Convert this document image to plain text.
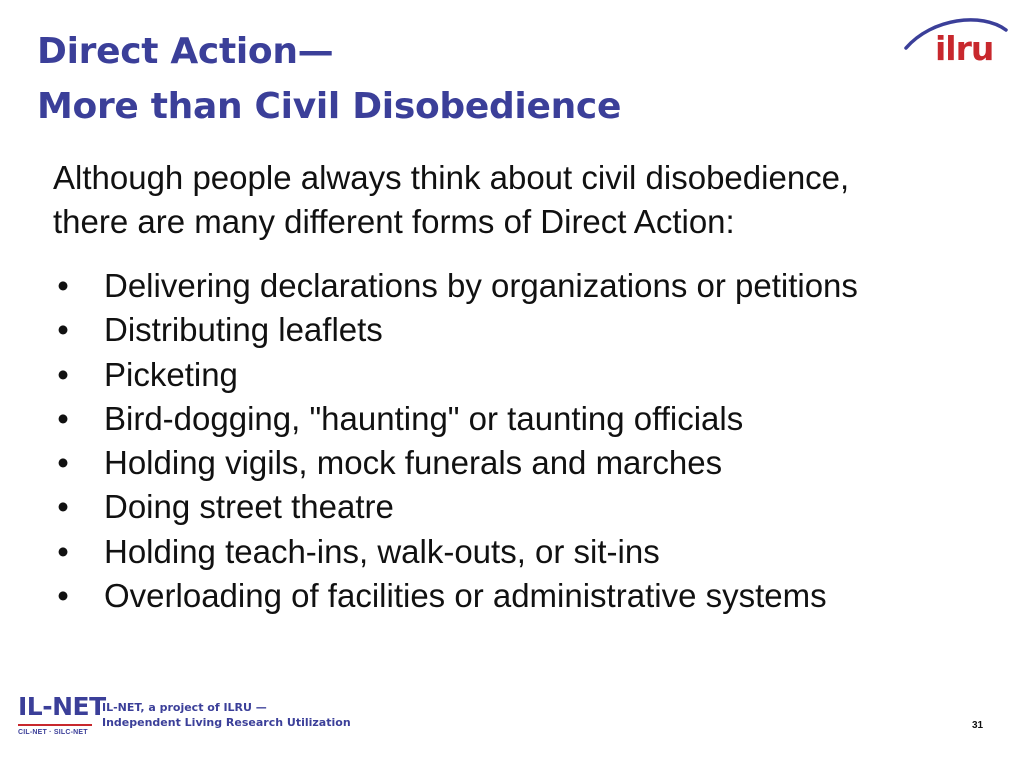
Direct Action—
More than Civil Disobedience
ilru
Although people always think about civil disobedience,
there are many different forms of Direct Action:
• Delivering declarations by organizations or petitions
• Distributing leaflets
• Picketing
• Bird-dogging, "haunting" or taunting officials
• Holding vigils, mock funerals and marches
• Doing street theatre
• Holding teach-ins, walk-outs, or sit-ins
• Overloading of facilities or administrative systems
IL-NET
CIL-NET · SILC-NET
IL-NET, a project of ILRU —
Independent Living Research Utilization	31
